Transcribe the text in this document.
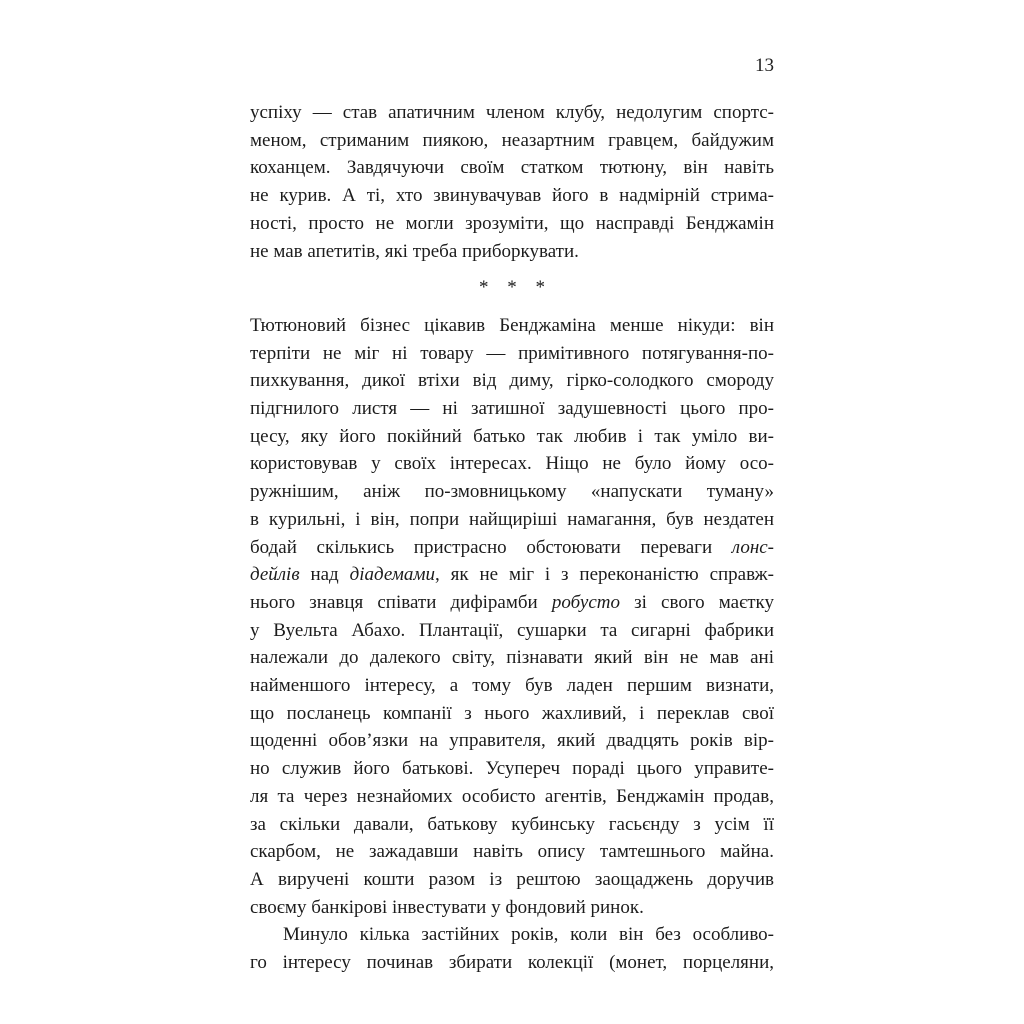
13
успіху — став апатичним членом клубу, недолугим спортс-
меном, стриманим пиякою, неазартним гравцем, байдужим
коханцем. Завдячуючи своїм статком тютюну, він навіть
не курив. А ті, хто звинувачував його в надмірній стрима-
ності, просто не могли зрозуміти, що насправді Бенджамін
не мав апетитів, які треба приборкувати.
* * *
Тютюновий бізнес цікавив Бенджаміна менше нікуди: він
терпіти не міг ні товару — примітивного потягування-по-
пихкування, дикої втіхи від диму, гірко-солодкого смороду
підгнилого листя — ні затишної задушевності цього про-
цесу, яку його покійний батько так любив і так уміло ви-
користовував у своїх інтересах. Ніщо не було йому осо-
ружнішим, аніж по-змовницькому «напускати туману»
в курильні, і він, попри найщиріші намагання, був нездатен
бодай скількись пристрасно обстоювати переваги лонс-
дейлів над діадемами, як не міг і з переконаністю справж-
нього знавця співати дифірамби робусто зі свого маєтку
у Вуельта Абахо. Плантації, сушарки та сигарні фабрики
належали до далекого світу, пізнавати який він не мав ані
найменшого інтересу, а тому був ладен першим визнати,
що посланець компанії з нього жахливий, і переклав свої
щоденні обов’язки на управителя, який двадцять років вір-
но служив його батькові. Усупереч пораді цього управите-
ля та через незнайомих особисто агентів, Бенджамін продав,
за скільки давали, батькову кубинську гасьєнду з усім її
скарбом, не зажадавши навіть опису тамтешнього майна.
А виручені кошти разом із рештою заощаджень доручив
своєму банкірові інвестувати у фондовий ринок.
Минуло кілька застійних років, коли він без особливо-
го інтересу починав збирати колекції (монет, порцеляни,
